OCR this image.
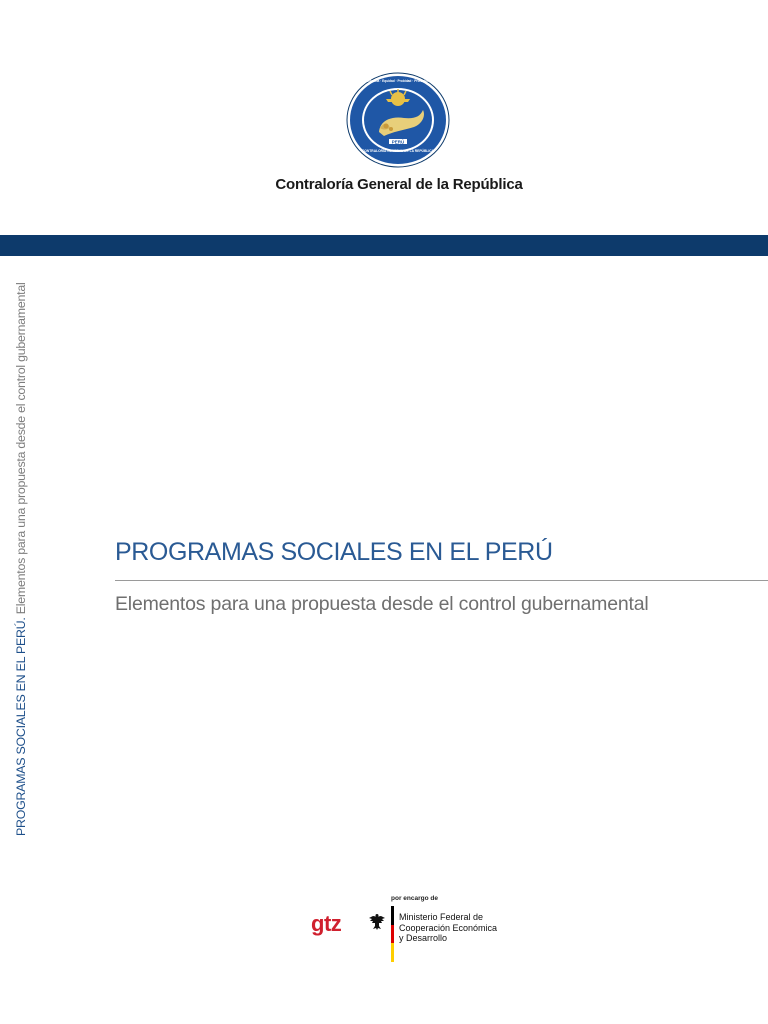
PERÚ
CONTRALORÍA GENERAL DE LA REPÚBLICA
Independencia · Equidad · Probidad · Profesionalismo
Contraloría General de la República
PROGRAMAS SOCIALES EN EL PERÚ. Elementos para una propuesta desde el control gubernamental	PROGRAMAS SOCIALES EN EL PERÚ
Elementos para una propuesta desde el control gubernamental
gtz
por encargo de
Ministerio Federal de
Cooperación Económica
y Desarrollo
